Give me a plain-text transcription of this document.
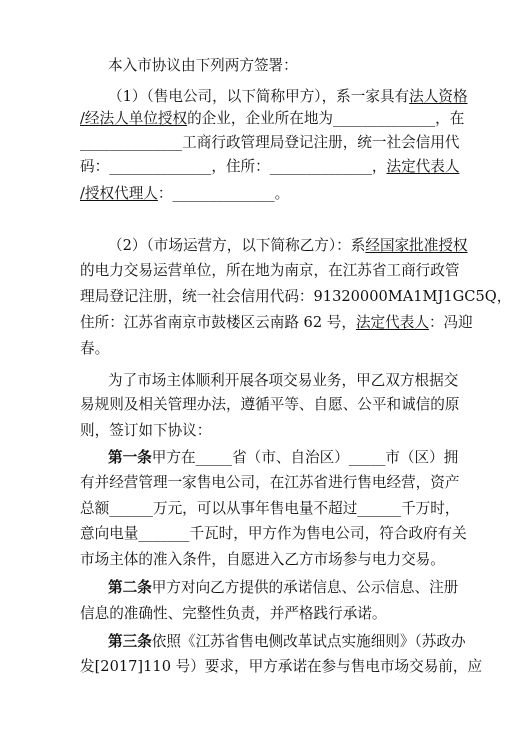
本入市协议由下列两方签署：
（1）（售电公司，以下简称甲方），系一家具有法人资格
/经法人单位授权的企业，企业所在地为______________，在
______________工商行政管理局登记注册，统一社会信用代
码：______________，住所：______________，法定代表人
/授权代理人：______________。
（2）（市场运营方，以下简称乙方）：系经国家批准授权
的电力交易运营单位，所在地为南京，在江苏省工商行政管
理局登记注册，统一社会信用代码：91320000MA1MJ1GC5Q，
住所：江苏省南京市鼓楼区云南路 62 号，法定代表人：冯迎
春。
为了市场主体顺利开展各项交易业务，甲乙双方根据交
易规则及相关管理办法，遵循平等、自愿、公平和诚信的原
则，签订如下协议：
第一条甲方在_____省（市、自治区）_____市（区）拥
有并经营管理一家售电公司，在江苏省进行售电经营，资产
总额______万元，可以从事年售电量不超过______千万时，
意向电量_______千瓦时，甲方作为售电公司，符合政府有关
市场主体的准入条件，自愿进入乙方市场参与电力交易。
第二条甲方对向乙方提供的承诺信息、公示信息、注册
信息的准确性、完整性负责，并严格践行承诺。
第三条依照《江苏省售电侧改革试点实施细则》（苏政办
发[2017]110 号）要求，甲方承诺在参与售电市场交易前，应
